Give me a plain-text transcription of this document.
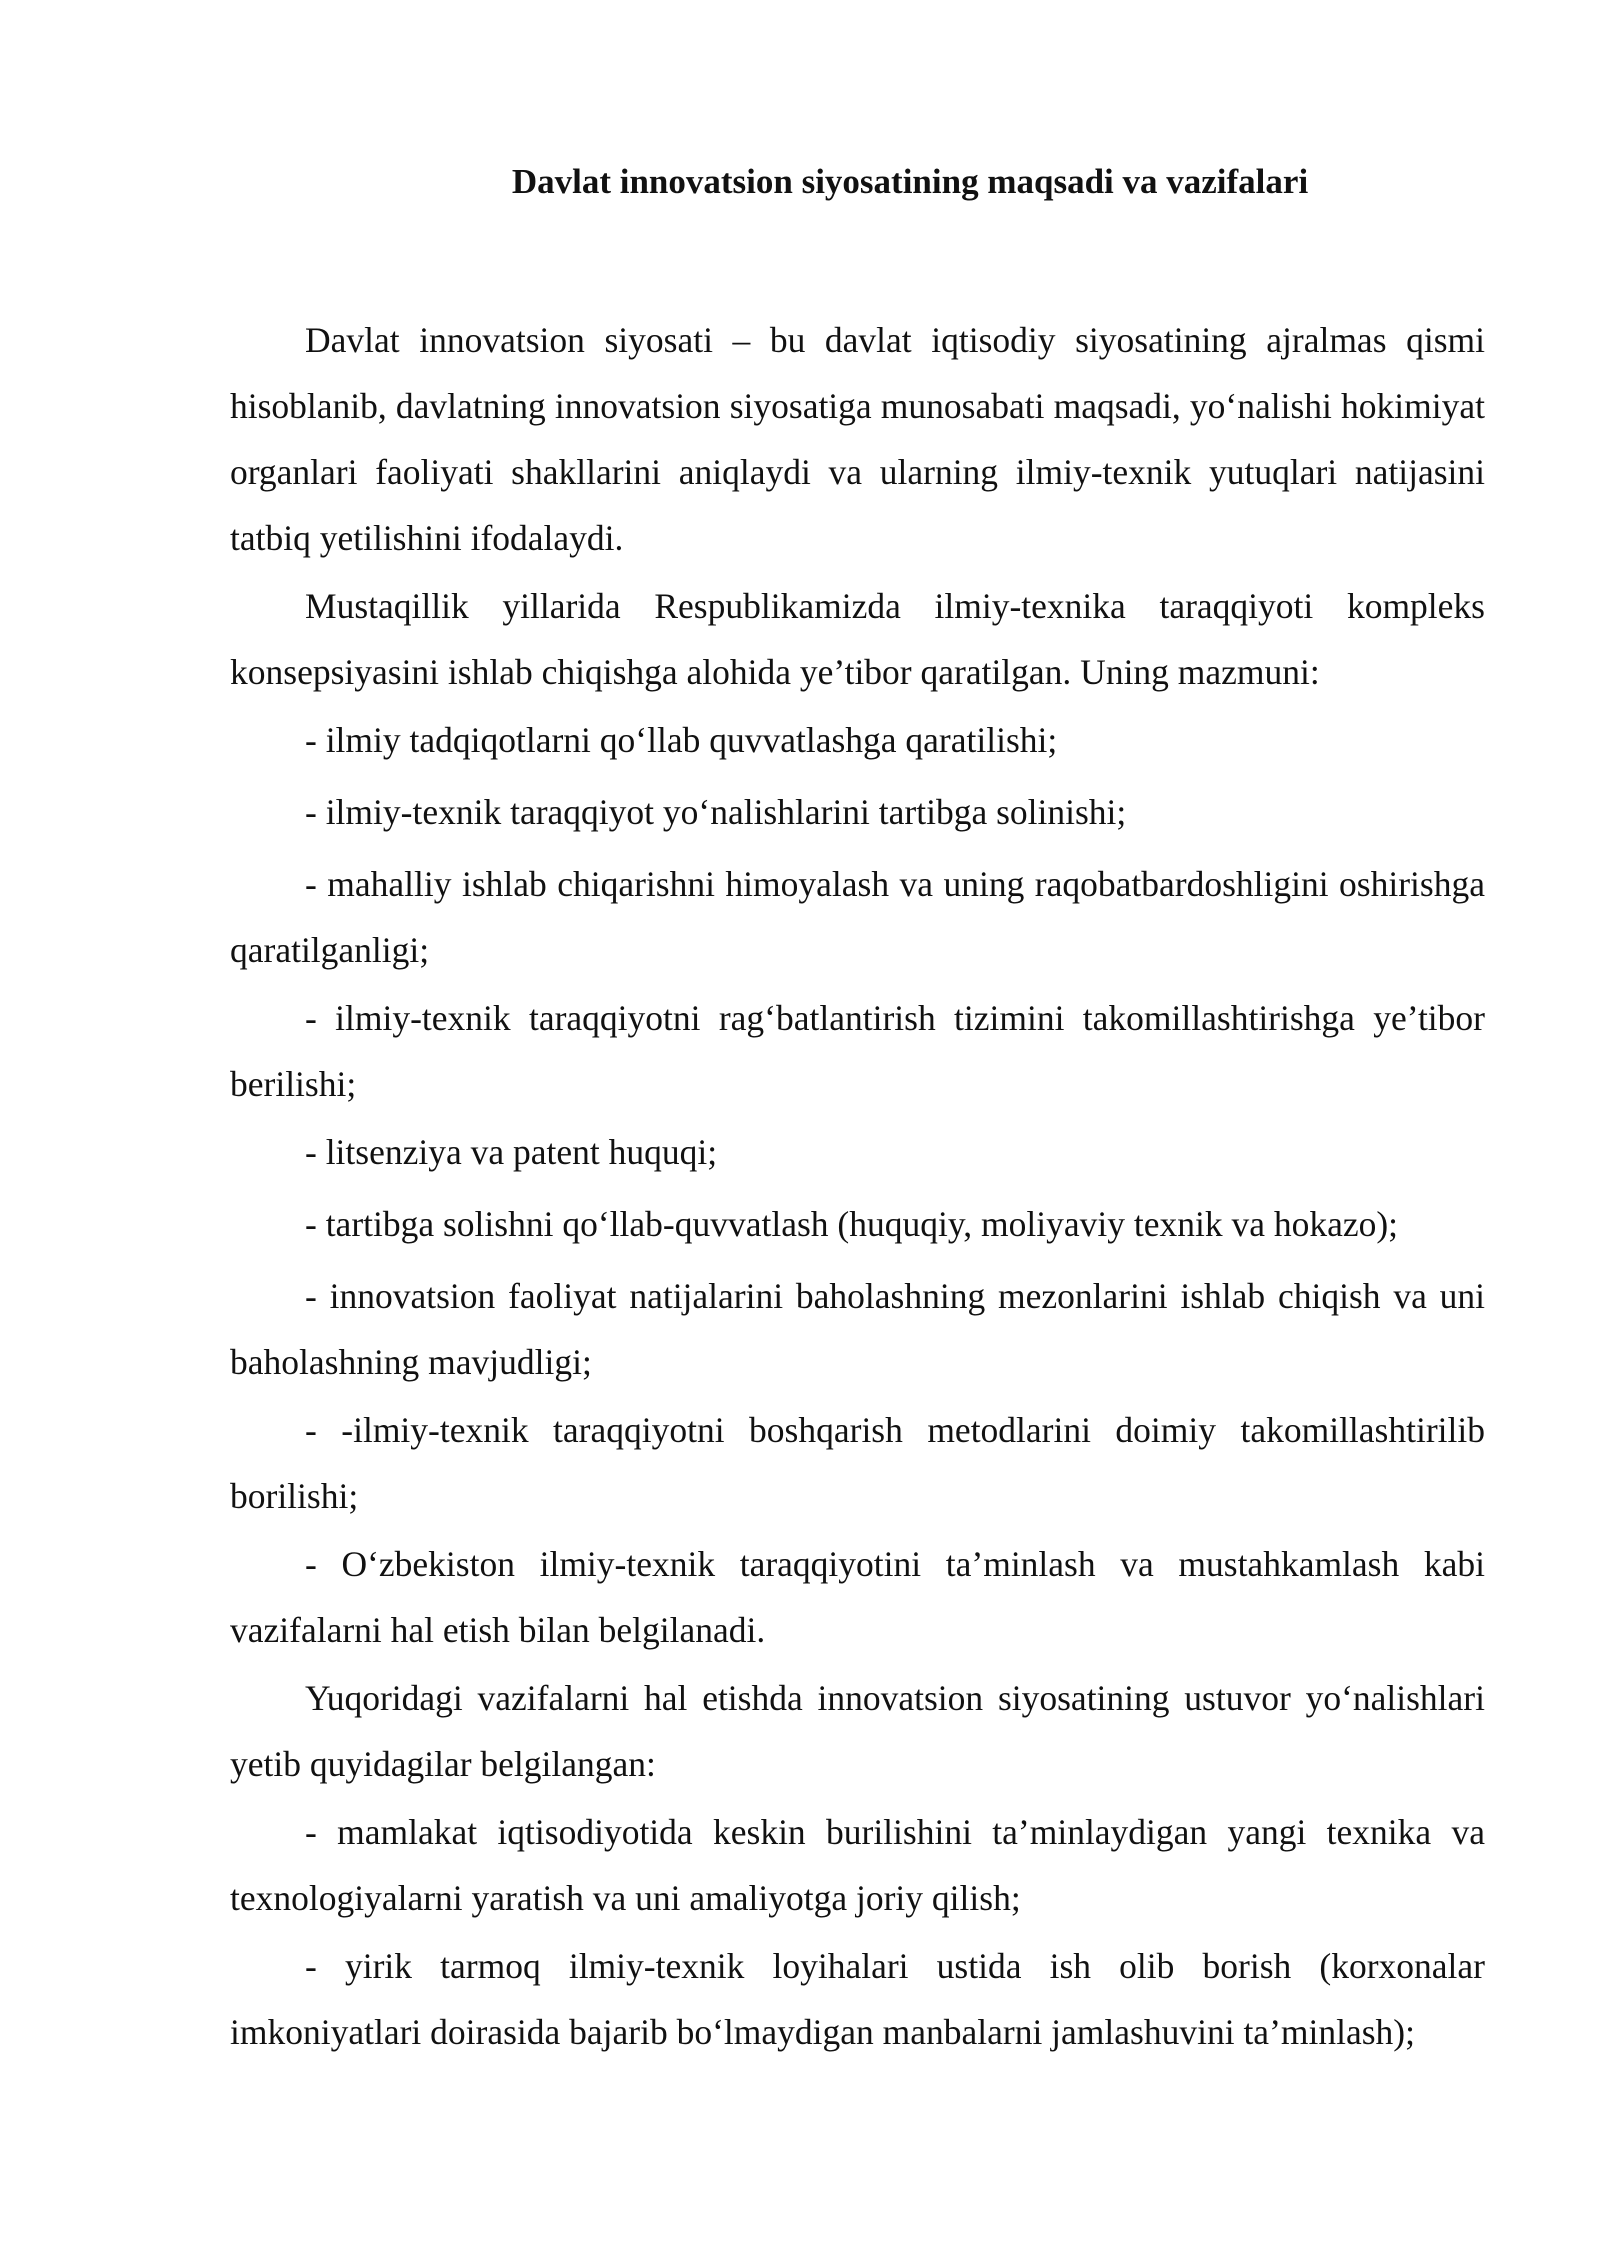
Davlat innovatsion siyosatining maqsadi va vazifalari

Davlat innovatsion siyosati – bu davlat iqtisodiy siyosatining ajralmas qismi hisoblanib, davlatning innovatsion siyosatiga munosabati maqsadi, yo‘nalishi hokimiyat organlari faoliyati shakllarini aniqlaydi va ularning ilmiy-texnik yutuqlari natijasini tatbiq yetilishini ifodalaydi.

Mustaqillik yillarida Respublikamizda ilmiy-texnika taraqqiyoti kompleks konsepsiyasini ishlab chiqishga alohida ye’tibor qaratilgan. Uning mazmuni:

- ilmiy tadqiqotlarni qo‘llab quvvatlashga qaratilishi;

- ilmiy-texnik taraqqiyot yo‘nalishlarini tartibga solinishi;

- mahalliy ishlab chiqarishni himoyalash va uning raqobatbardoshligini oshirishga qaratilganligi;

- ilmiy-texnik taraqqiyotni rag‘batlantirish tizimini takomillashtirishga ye’tibor berilishi;

- litsenziya va patent huquqi;

- tartibga solishni qo‘llab-quvvatlash (huquqiy, moliyaviy texnik va hokazo);

- innovatsion faoliyat natijalarini baholashning mezonlarini ishlab chiqish va uni baholashning mavjudligi;

- -ilmiy-texnik taraqqiyotni boshqarish metodlarini doimiy takomillashtirilib borilishi;

- O‘zbekiston ilmiy-texnik taraqqiyotini ta’minlash va mustahkamlash kabi vazifalarni hal etish bilan belgilanadi.

Yuqoridagi vazifalarni hal etishda innovatsion siyosatining ustuvor yo‘nalishlari yetib quyidagilar belgilangan:

- mamlakat iqtisodiyotida keskin burilishini ta’minlaydigan yangi texnika va texnologiyalarni yaratish va uni amaliyotga joriy qilish;

- yirik tarmoq ilmiy-texnik loyihalari ustida ish olib borish (korxonalar imkoniyatlari doirasida bajarib bo‘lmaydigan manbalarni jamlashuvini ta’minlash);
